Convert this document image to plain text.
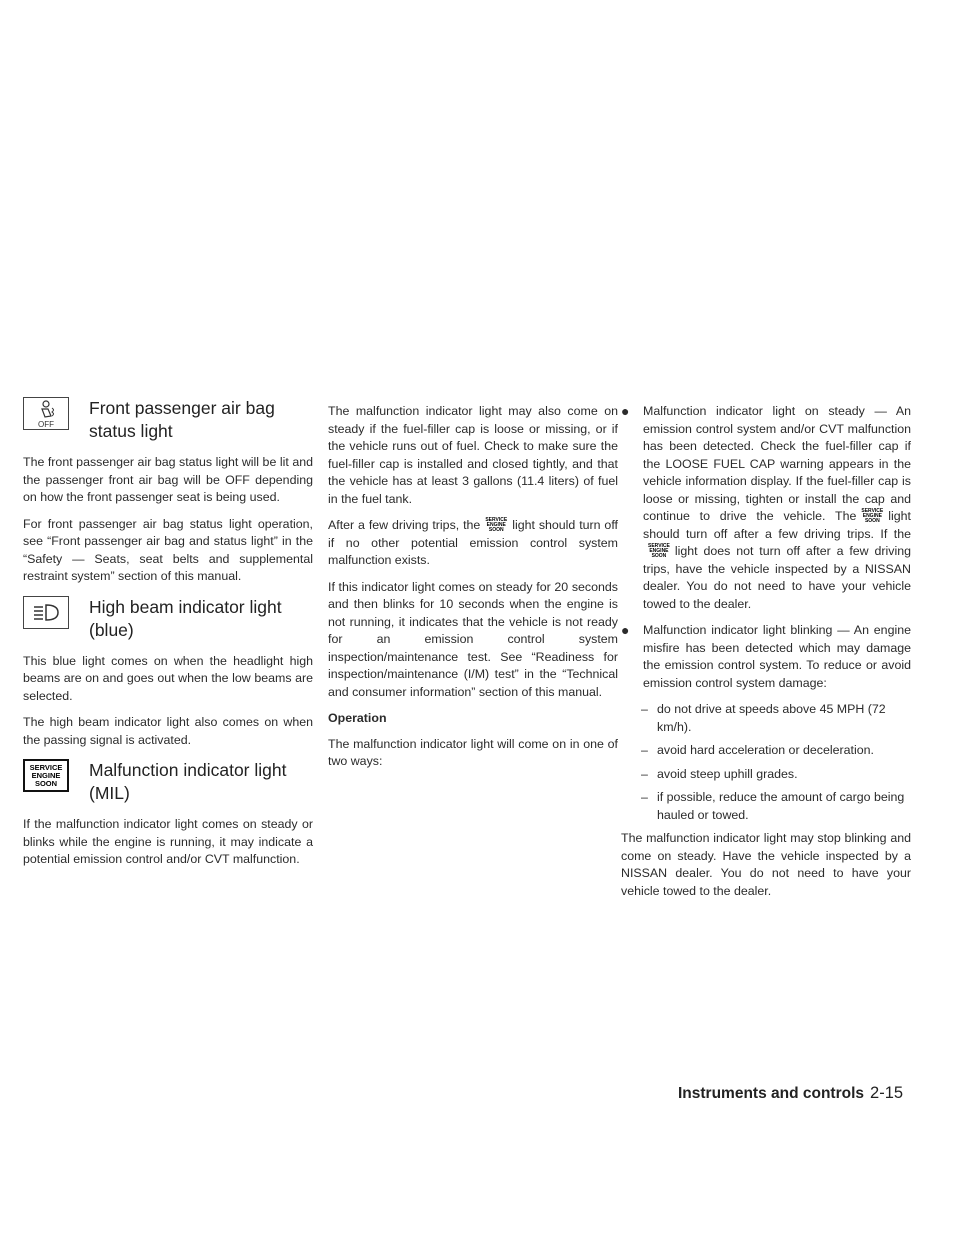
OFF
Front passenger air bag status light

The front passenger air bag status light will be lit and the passenger front air bag will be OFF depending on how the front passenger seat is being used.

For front passenger air bag status light operation, see “Front passenger air bag and status light” in the “Safety — Seats, seat belts and supplemental restraint system” section of this manual.

High beam indicator light (blue)

This blue light comes on when the headlight high beams are on and goes out when the low beams are selected.

The high beam indicator light also comes on when the passing signal is activated.

SERVICE
ENGINE
SOON
Malfunction indicator light (MIL)

If the malfunction indicator light comes on steady or blinks while the engine is running, it may indicate a potential emission control and/or CVT malfunction.

The malfunction indicator light may also come on steady if the fuel-filler cap is loose or missing, or if the vehicle runs out of fuel. Check to make sure the fuel-filler cap is installed and closed tightly, and that the vehicle has at least 3 gallons (11.4 liters) of fuel in the fuel tank.

After a few driving trips, the SERVICE
ENGINE
SOON light should turn off if no other potential emission control system malfunction exists.

If this indicator light comes on steady for 20 seconds and then blinks for 10 seconds when the engine is not running, it indicates that the vehicle is not ready for an emission control system inspection/maintenance test. See “Readiness for inspection/maintenance (I/M) test” in the “Technical and consumer information” section of this manual.

Operation

The malfunction indicator light will come on in one of two ways:

●	Malfunction indicator light on steady — An emission control system and/or CVT malfunction has been detected. Check the fuel-filler cap if the LOOSE FUEL CAP warning appears in the vehicle information display. If the fuel-filler cap is loose or missing, tighten or install the cap and continue to drive the vehicle. The SERVICE
ENGINE
SOON light should turn off after a few driving trips. If the
SERVICE
ENGINE
SOON light does not turn off after a few driving trips, have the vehicle inspected by a NISSAN dealer. You do not need to have your vehicle towed to the dealer.
●	Malfunction indicator light blinking — An engine misfire has been detected which may damage the emission control system. To reduce or avoid emission control system damage:
– do not drive at speeds above 45 MPH (72 km/h).
– avoid hard acceleration or deceleration.
– avoid steep uphill grades.
– if possible, reduce the amount of cargo being hauled or towed.

The malfunction indicator light may stop blinking and come on steady. Have the vehicle inspected by a NISSAN dealer. You do not need to have your vehicle towed to the dealer.

Instruments and controls 2-15
